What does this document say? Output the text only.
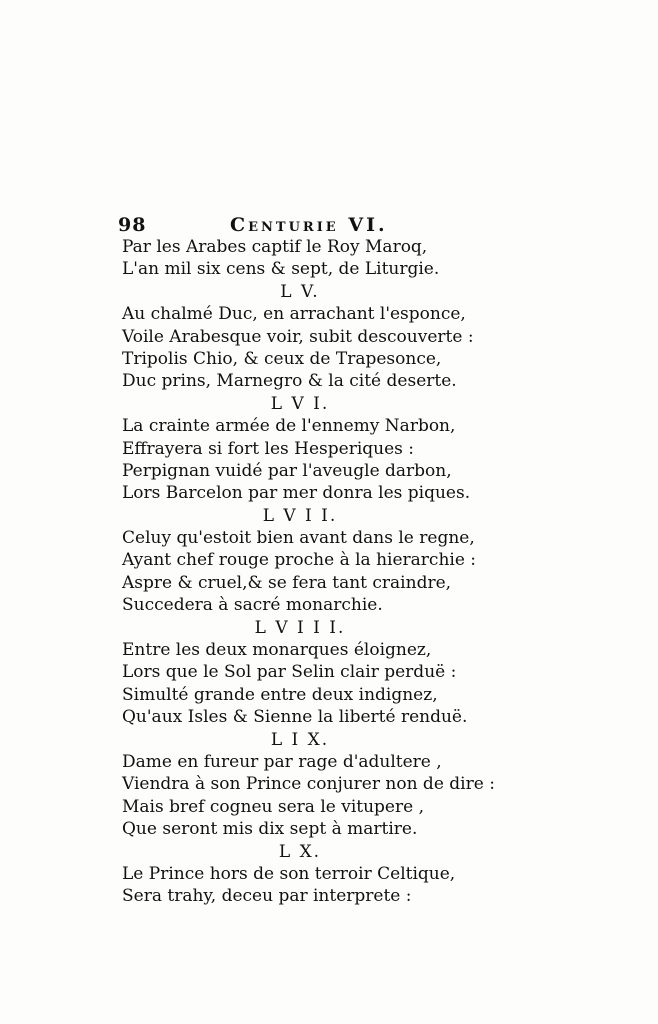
98	Centurie VI.
Par les Arabes captif le Roy Maroq,
L'an mil six cens & sept, de Liturgie.
L V.
Au chalmé Duc, en arrachant l'esponce,
Voile Arabesque voir, subit descouverte :
Tripolis Chio, & ceux de Trapesonce,
Duc prins, Marnegro & la cité deserte.
L V I.
La crainte armée de l'ennemy Narbon,
Effrayera si fort les Hesperiques :
Perpignan vuidé par l'aveugle darbon,
Lors Barcelon par mer donra les piques.
L V I I.
Celuy qu'estoit bien avant dans le regne,
Ayant chef rouge proche à la hierarchie :
Aspre & cruel,& se fera tant craindre,
Succedera à sacré monarchie.
L V I I I.
Entre les deux monarques éloignez,
Lors que le Sol par Selin clair perduë :
Simulté grande entre deux indignez,
Qu'aux Isles & Sienne la liberté renduë.
L I X.
Dame en fureur par rage d'adultere ,
Viendra à son Prince conjurer non de dire :
Mais bref cogneu sera le vitupere ,
Que seront mis dix sept à martire.
L X.
Le Prince hors de son terroir Celtique,
Sera trahy, deceu par interprete :
